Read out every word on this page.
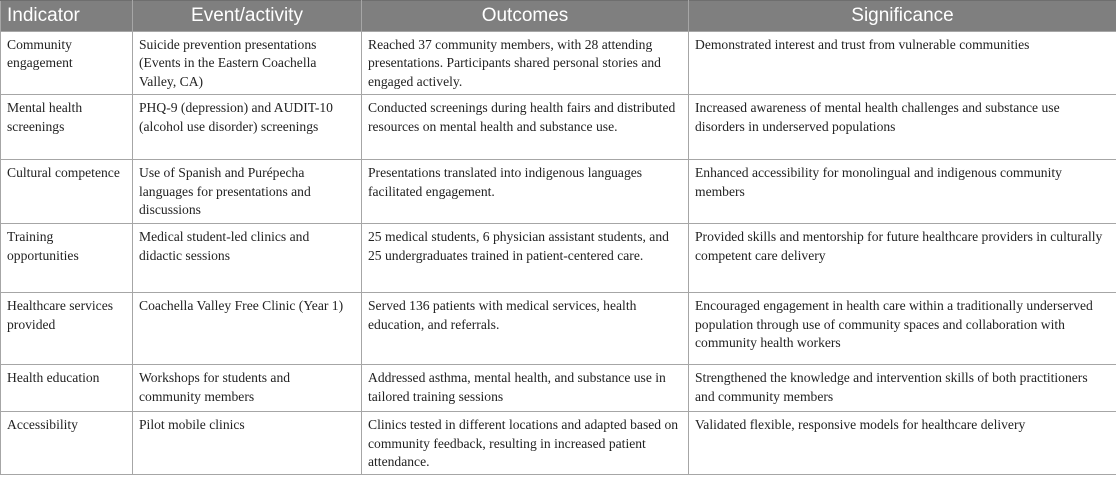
Indicator	Event/activity	Outcomes	Significance
Community engagement	Suicide prevention presentations (Events in the Eastern Coachella Valley, CA)	Reached 37 community members, with 28 attending presentations. Participants shared personal stories and engaged actively.	Demonstrated interest and trust from vulnerable communities
Mental health screenings	PHQ-9 (depression) and AUDIT-10 (alcohol use disorder) screenings	Conducted screenings during health fairs and distributed resources on mental health and substance use.	Increased awareness of mental health challenges and substance use disorders in underserved populations
Cultural competence	Use of Spanish and Purépecha languages for presentations and discussions	Presentations translated into indigenous languages facilitated engagement.	Enhanced accessibility for monolingual and indigenous community members
Training opportunities	Medical student-led clinics and didactic sessions	25 medical students, 6 physician assistant students, and 25 undergraduates trained in patient-centered care.	Provided skills and mentorship for future healthcare providers in culturally competent care delivery
Healthcare services provided	Coachella Valley Free Clinic (Year 1)	Served 136 patients with medical services, health education, and referrals.	Encouraged engagement in health care within a traditionally underserved population through use of community spaces and collaboration with community health workers
Health education	Workshops for students and community members	Addressed asthma, mental health, and substance use in tailored training sessions	Strengthened the knowledge and intervention skills of both practitioners and community members
Accessibility	Pilot mobile clinics	Clinics tested in different locations and adapted based on community feedback, resulting in increased patient attendance.	Validated flexible, responsive models for healthcare delivery
